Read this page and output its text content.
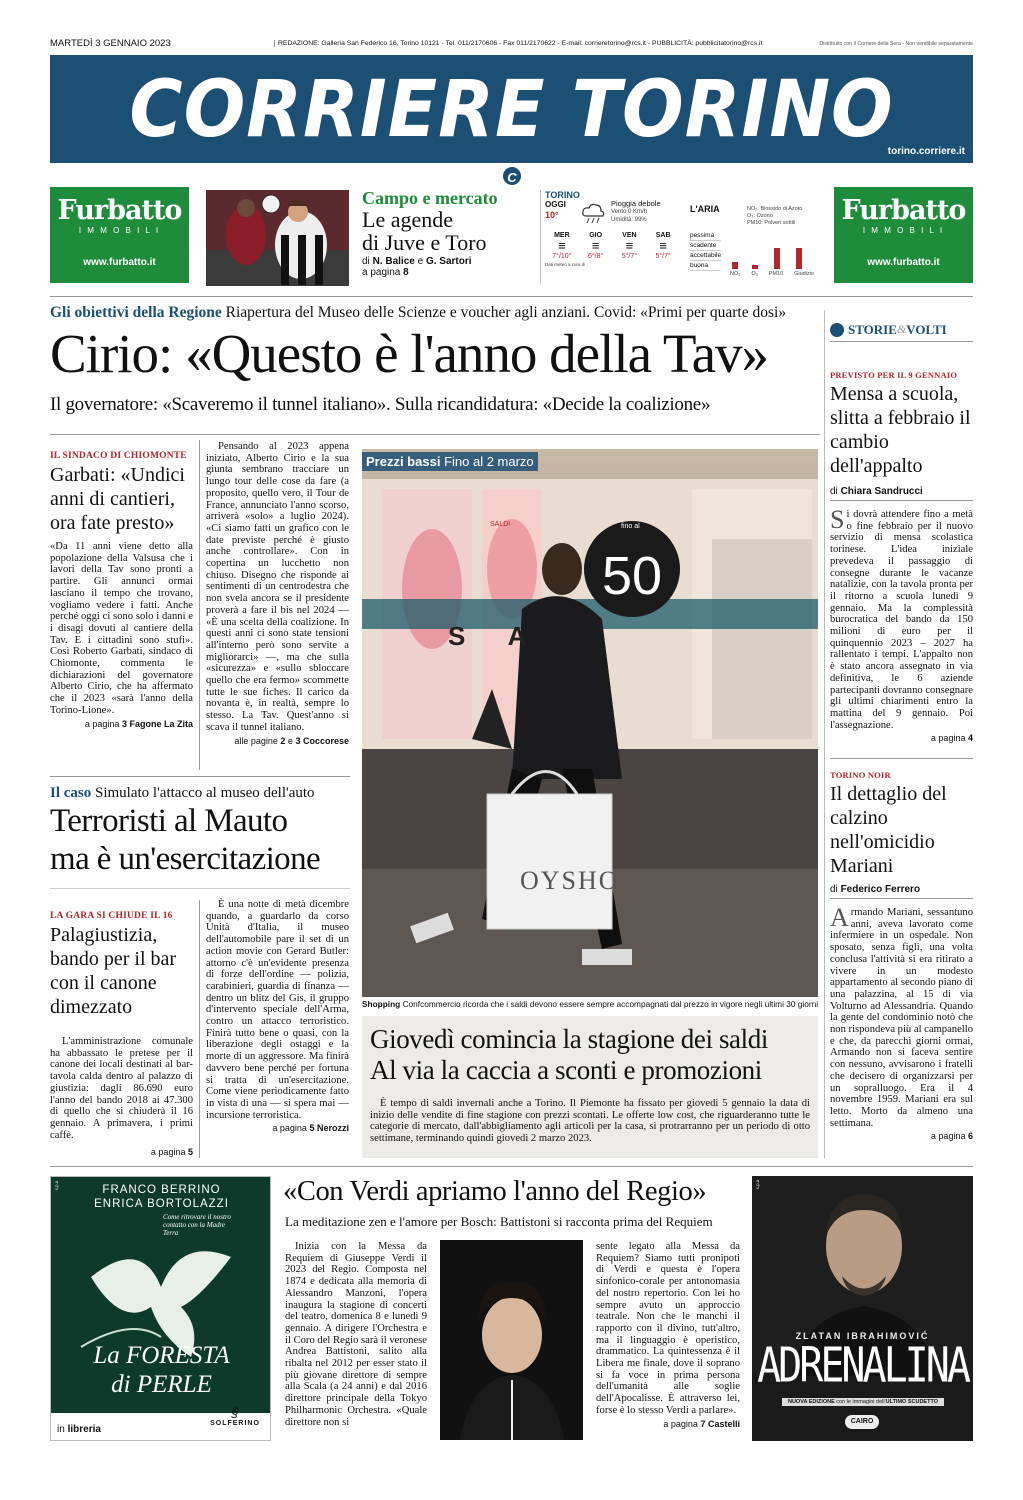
MARTEDÌ 3 GENNAIO 2023	REDAZIONE: Galleria San Federico 16, Torino 10121 - Tel. 011/2170606 - Fax 011/2170622 - E-mail: corrieretorino@rcs.it - PUBBLICITÀ: pubblicitatorino@rcs.it	Distribuito con il Corriere della Sera - Non vendibile separatamente
CORRIERE TORINO
torino.corriere.it
C
Furbatto
I M M O B I L I
www.furbatto.it
Campo e mercato
Le agende
di Juve e Toro
di N. Balice e G. Sartori
a pagina 8
TORINO
OGGI
10°
Pioggia debole
Vento 0 Km/h
Umidità: 99%
MER
≡
7°/10°
GIO
≡
6°/8°
VEN
≡
5°/7°
SAB
≡
5°/7°
Dati meteo a cura di
L'ARIA	NO₂: Biossido di Azoto
O₃: Ozono
PM10: Polveri sottili
pessima
scadente
accettabile
buona
NO₂ O₃ PM10 Giudizio
Furbatto
I M M O B I L I
www.furbatto.it
Gli obiettivi della Regione Riapertura del Museo delle Scienze e voucher agli anziani. Covid: «Primi per quarte dosi»
Cirio: «Questo è l'anno della Tav»
Il governatore: «Scaveremo il tunnel italiano». Sulla ricandidatura: «Decide la coalizione»
IL SINDACO DI CHIOMONTE
Garbati: «Undici anni di cantieri, ora fate presto»
«Da 11 anni viene detto alla popolazione della Valsusa che i lavori della Tav sono pronti a partire. Gli annunci ormai lasciano il tempo che trovano, vogliamo vedere i fatti. Anche perché oggi ci sono solo i danni e i disagi dovuti al cantiere della Tav. E i cittadini sono stufi». Così Roberto Garbati, sindaco di Chiomonte, commenta le dichiarazioni del governatore Alberto Cirio, che ha affermato che il 2023 «sarà l'anno della Torino-Lione».
a pagina 3 Fagone La Zita
Pensando al 2023 appena iniziato, Alberto Cirio e la sua giunta sembrano tracciare un lungo tour delle cose da fare (a proposito, quello vero, il Tour de France, annunciato l'anno scorso, arriverà «solo» a luglio 2024). «Ci siamo fatti un grafico con le date previste perché è giusto anche controllare». Con in copertina un lucchetto non chiuso. Disegno che risponde ai sentimenti di un centrodestra che non svela ancora se il presidente proverà a fare il bis nel 2024 — «È una scelta della coalizione. In questi anni ci sono state tensioni all'interno però sono servite a migliorarci» —, ma che sulla «sicurezza» e «sullo sbloccare quello che era fermo» scommette tutte le sue fiches. Il carico da novanta è, in realtà, sempre lo stesso. La Tav. Quest'anno si scava il tunnel italiano.
alle pagine 2 e 3 Coccorese
Il caso Simulato l'attacco al museo dell'auto
Terroristi al Mauto
ma è un'esercitazione
LA GARA SI CHIUDE IL 16
Palagiustizia, bando per il bar con il canone dimezzato
L'amministrazione comunale ha abbassato le pretese per il canone dei locali destinati al bar-tavola calda dentro al palazzo di giustizia: dagli 86.690 euro l'anno del bando 2018 ai 47.300 di quello che si chiuderà il 16 gennaio. A primavera, i primi caffè.
a pagina 5
È una notte di metà dicembre quando, a guardarlo da corso Unità d'Italia, il museo dell'automobile pare il set di un action movie con Gerard Butler: attorno c'è un'evidente presenza di forze dell'ordine — polizia, carabinieri, guardia di finanza — dentro un blitz del Gis, il gruppo d'intervento speciale dell'Arma, contro un attacco terroristico. Finirà tutto bene o quasi, con la liberazione degli ostaggi e la morte di un aggressore. Ma finirà davvero bene perché per fortuna si tratta di un'esercitazione. Come viene periodicamente fatto in vista di una — si spera mai — incursione terroristica.
a pagina 5 Nerozzi
50
OYSHO
Prezzi bassi Fino al 2 marzo
fino al
S A
SALDI
Shopping Confcommercio ricorda che i saldi devono essere sempre accompagnati dal prezzo in vigore negli ultimi 30 giorni
Giovedì comincia la stagione dei saldi
Al via la caccia a sconti e promozioni
È tempo di saldi invernali anche a Torino. Il Piemonte ha fissato per giovedì 5 gennaio la data di inizio delle vendite di fine stagione con prezzi scontati. Le offerte low cost, che riguarderanno tutte le categorie di mercato, dall'abbigliamento agli articoli per la casa, si protrarranno per un periodo di otto settimane, terminando quindi giovedì 2 marzo 2023.
STORIE & VOLTI
PREVISTO PER IL 9 GENNAIO
Mensa a scuola, slitta a febbraio il cambio dell'appalto
di Chiara Sandrucci
Si dovrà attendere fino a metà o fine febbraio per il nuovo servizio di mensa scolastica torinese. L'idea iniziale prevedeva il passaggio di consegne durante le vacanze natalizie, con la tavola pronta per il ritorno a scuola lunedì 9 gennaio. Ma la complessità burocratica del bando da 150 milioni di euro per il quinquennio 2023 – 2027 ha rallentato i tempi. L'appalto non è stato ancora assegnato in via definitiva, le 6 aziende partecipanti dovranno consegnare gli ultimi chiarimenti entro la mattina del 9 gennaio. Poi l'assegnazione.
a pagina 4
TORINO NOIR
Il dettaglio del calzino nell'omicidio Mariani
di Federico Ferrero
Armando Mariani, sessantuno anni, aveva lavorato come infermiere in un ospedale. Non sposato, senza figli, una volta conclusa l'attività si era ritirato a vivere in un modesto appartamento al secondo piano di una palazzina, al 15 di via Volturno ad Alessandria. Quando la gente del condominio notò che non rispondeva più al campanello e che, da parecchi giorni ormai, Armando non si faceva sentire con nessuno, avvisarono i fratelli che decisero di organizzarsi per un sopralluogo. Era il 4 novembre 1959. Mariani era sul letto. Morto da almeno una settimana.
a pagina 6
FRANCO BERRINO
ENRICA BORTOLAZZI
Come ritrovare il nostro contatto con la Madre Terra
La FORESTA
di PERLE
in libreria
§
SOLFERINO
s.p.a	«Con Verdi apriamo l'anno del Regio»
La meditazione zen e l'amore per Bosch: Battistoni si racconta prima del Requiem
Inizia con la Messa da Requiem di Giuseppe Verdi il 2023 del Regio. Composta nel 1874 e dedicata alla memoria di Alessandro Manzoni, l'opera inaugura la stagione di concerti del teatro, domenica 8 e lunedì 9 gennaio. A dirigere l'Orchestra e il Coro del Regio sarà il veronese Andrea Battistoni, salito alla ribalta nel 2012 per esser stato il più giovane direttore di sempre alla Scala (a 24 anni) e dal 2016 direttore principale della Tokyo Philharmonic Orchestra. «Quale direttore non si
sente legato alla Messa da Requiem? Siamo tutti pronipoti di Verdi e questa è l'opera sinfonico-corale per antonomasia del nostro repertorio. Con lei ho sempre avuto un approccio teatrale. Non che le manchi il rapporto con il divino, tutt'altro, ma il linguaggio è operistico, drammatico. La quintessenza è il Libera me finale, dove il soprano si fa voce in prima persona dell'umanità alle soglie dell'Apocalisse. È attraverso lei, forse è lo stesso Verdi a parlare».
a pagina 7 Castelli
ZLATAN IBRAHIMOVIĆ
ADRENALINA
NUOVA EDIZIONE con le immagini dell'ULTIMO SCUDETTO
CAIRO
s.p.a
